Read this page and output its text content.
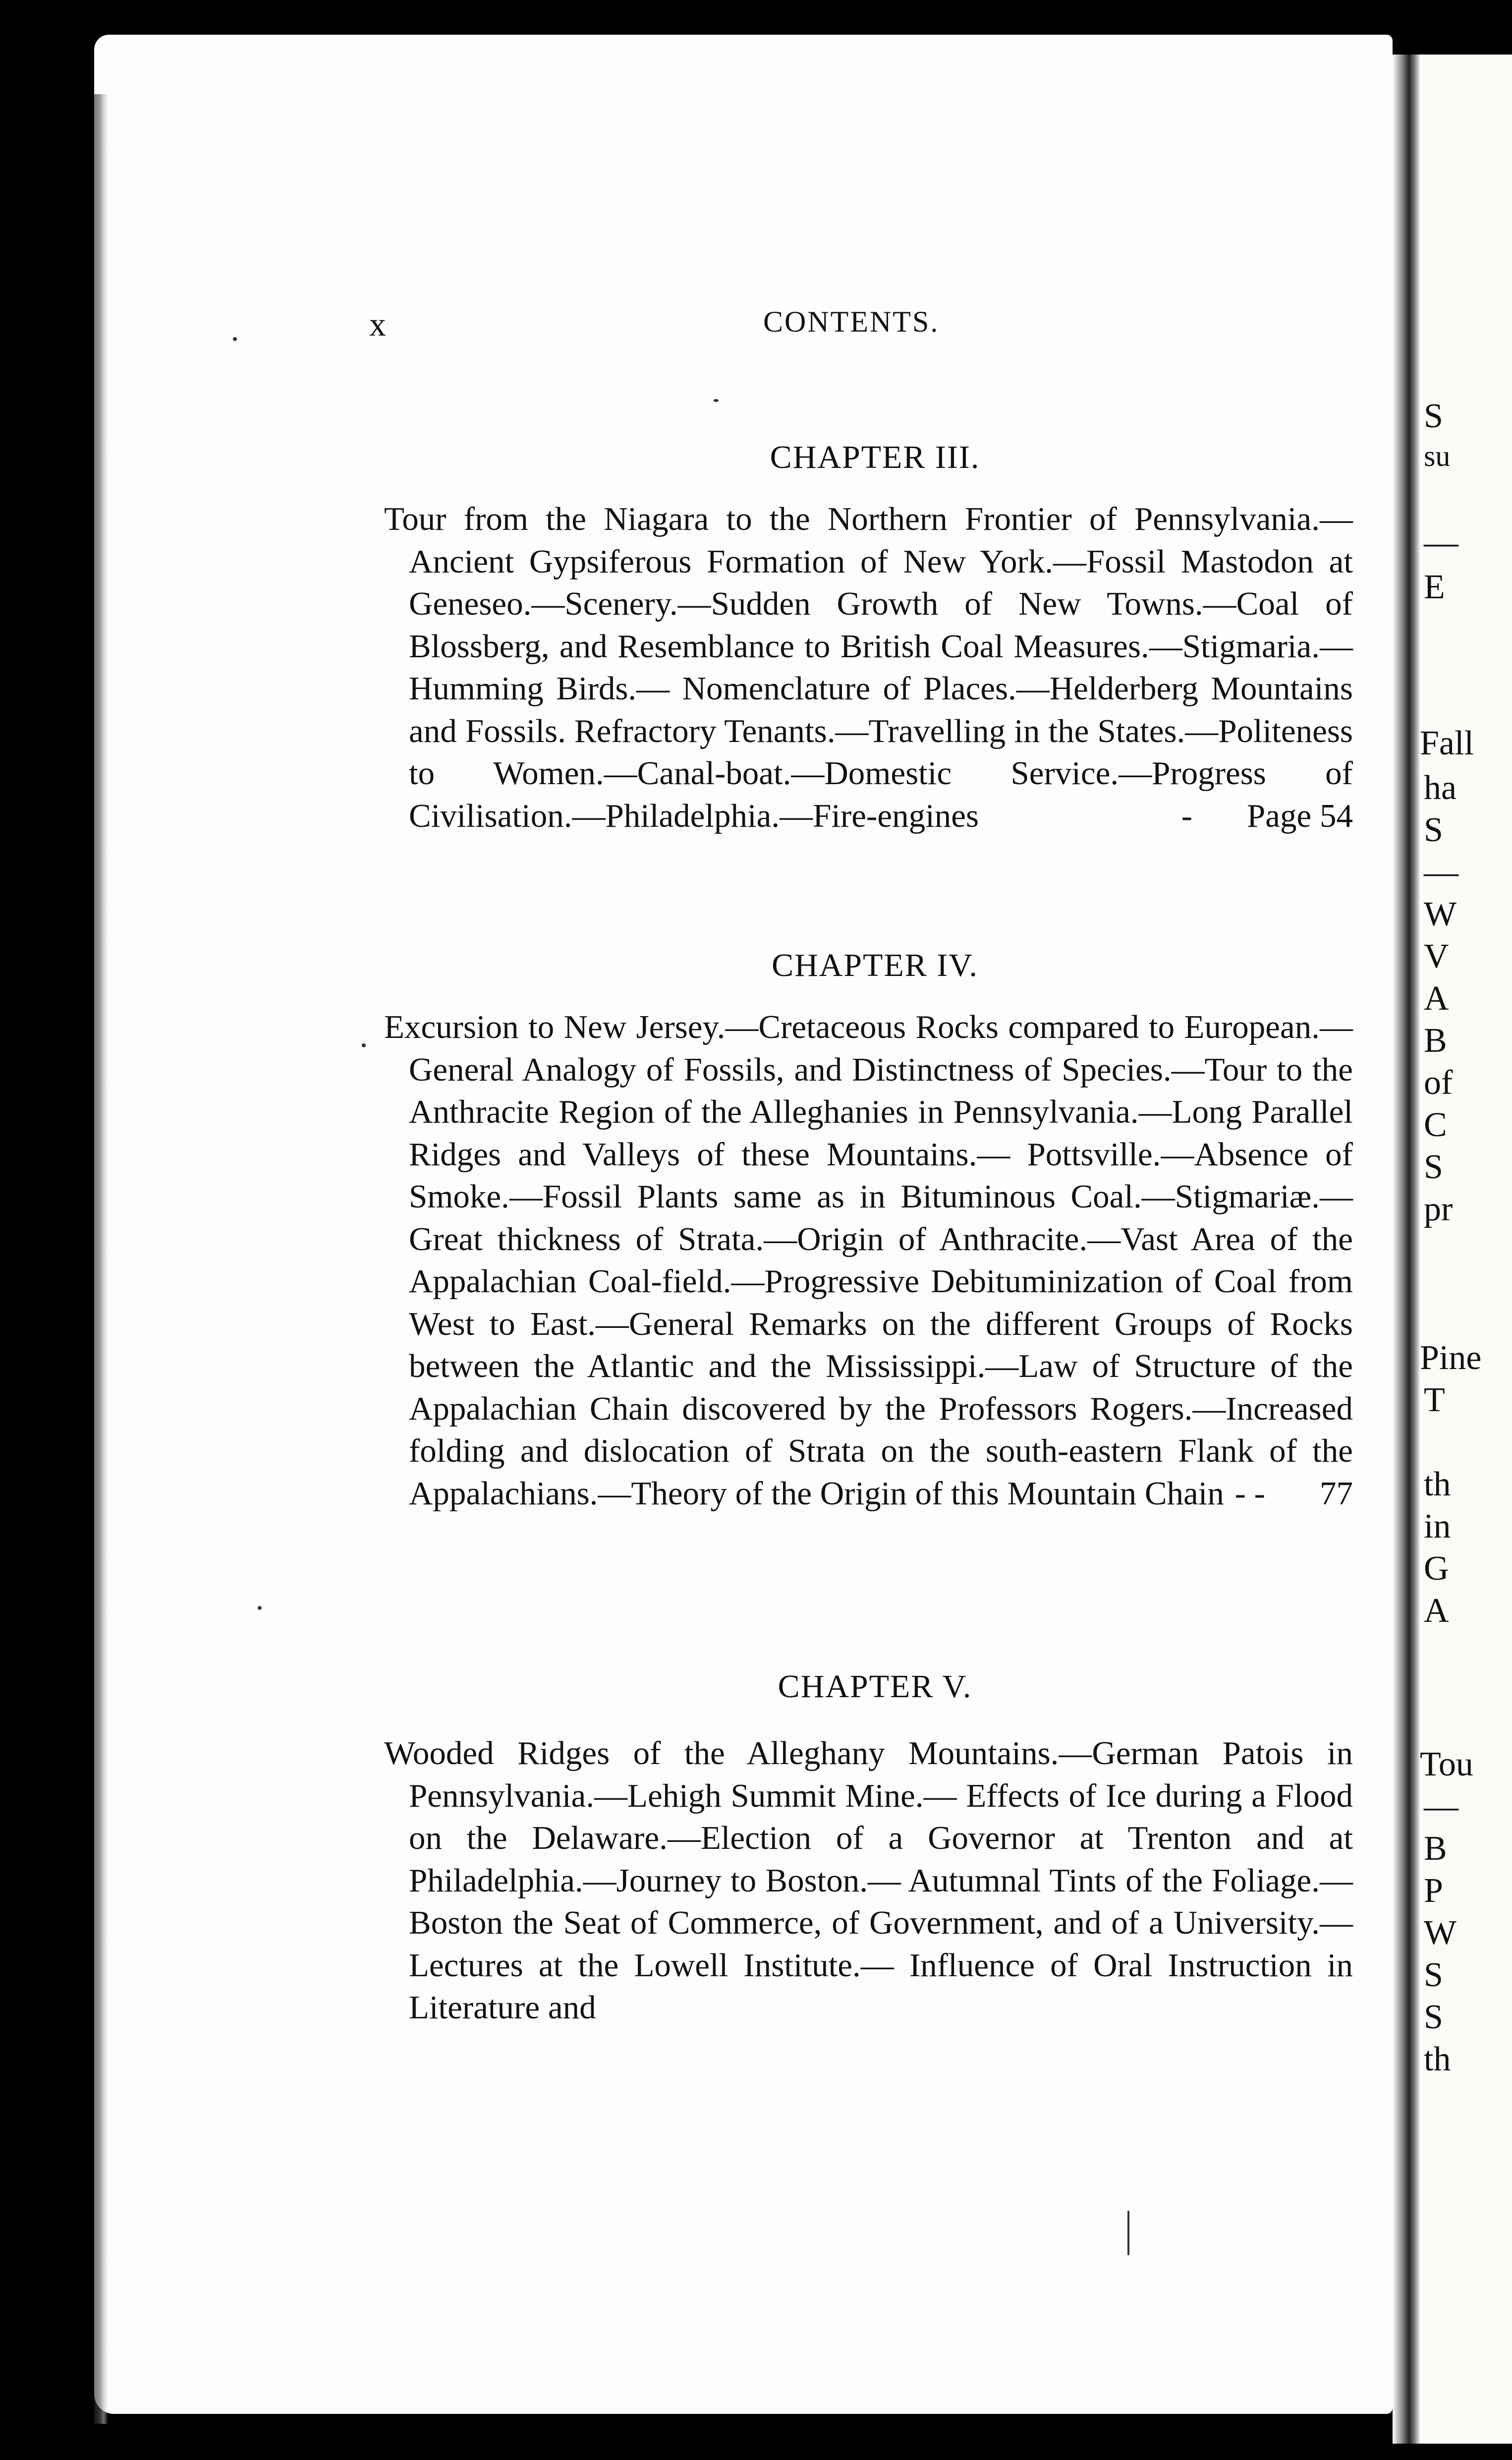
S
su
—
E
Fall
ha
S
—
W
V
A
B
of
C
S
pr
Pine
T
th
in
G
A
Tou
—
B
P
W
S
S
th
x	CONTENTS.
CHAPTER III.
Tour from the Niagara to the Northern Frontier of Pennsylvania.—Ancient Gypsiferous Formation of New York.—Fossil Mastodon at Geneseo.—Scenery.—Sudden Growth of New Towns.—Coal of Blossberg, and Resemblance to British Coal Measures.—Stigmaria.— Humming Birds.— Nomenclature of Places.—Helderberg Mountains and Fossils. Refractory Tenants.—Travelling in the States.—Politeness to Women.—Canal-boat.—Domestic Service.—Progress of Civilisation.—Philadelphia.—Fire-engines	- Page 54
CHAPTER IV.
Excursion to New Jersey.—Cretaceous Rocks compared to European.—General Analogy of Fossils, and Distinctness of Species.—Tour to the Anthracite Region of the Alleghanies in Pennsylvania.—Long Parallel Ridges and Valleys of these Mountains.— Pottsville.—Absence of Smoke.—Fossil Plants same as in Bituminous Coal.—Stigmariæ.—Great thickness of Strata.—Origin of Anthracite.—Vast Area of the Appalachian Coal-field.—Progressive Debituminization of Coal from West to East.—General Remarks on the different Groups of Rocks between the Atlantic and the Mississippi.—Law of Structure of the Appalachian Chain discovered by the Professors Rogers.—Increased folding and dislocation of Strata on the south-eastern Flank of the Appalachians.—Theory of the Origin of this Mountain Chain - - 77
CHAPTER V.
Wooded Ridges of the Alleghany Mountains.—German Patois in Pennsylvania.—Lehigh Summit Mine.— Effects of Ice during a Flood on the Delaware.—Election of a Governor at Trenton and at Philadelphia.—Journey to Boston.— Autumnal Tints of the Foliage.—Boston the Seat of Commerce, of Government, and of a University.— Lectures at the Lowell Institute.— Influence of Oral Instruction in Literature and
